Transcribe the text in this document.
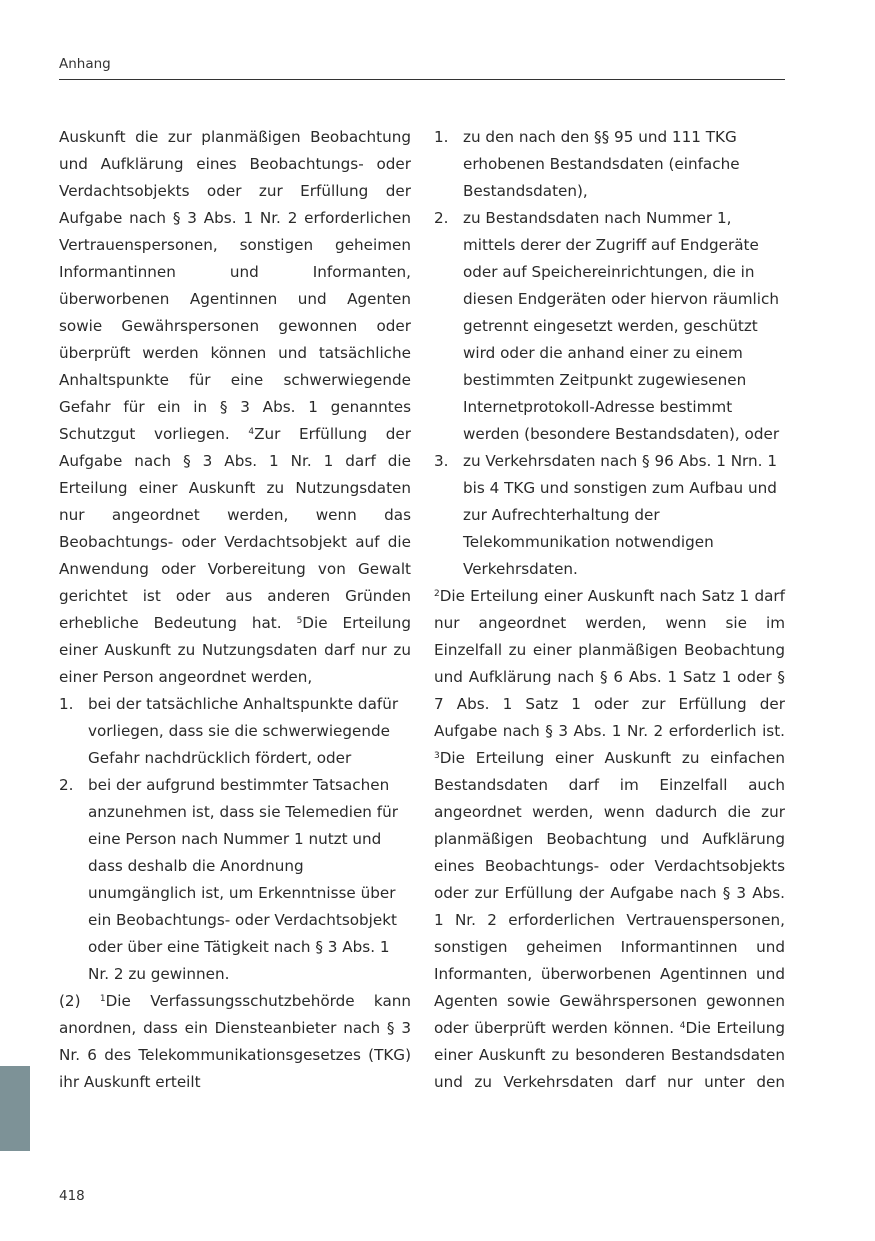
Anhang

Auskunft die zur planmäßigen Beobachtung und Aufklärung eines Beobachtungs- oder Verdachtsobjekts oder zur Erfüllung der Aufgabe nach § 3 Abs. 1 Nr. 2 erforderlichen Vertrauenspersonen, sonstigen geheimen Informantinnen und Informanten, überworbenen Agentinnen und Agenten sowie Gewährspersonen gewonnen oder überprüft werden können und tatsächliche Anhaltspunkte für eine schwerwiegende Gefahr für ein in § 3 Abs. 1 genanntes Schutzgut vorliegen. $^4$Zur Erfüllung der Aufgabe nach § 3 Abs. 1 Nr. 1 darf die Erteilung einer Auskunft zu Nutzungsdaten nur angeordnet werden, wenn das Beobachtungs- oder Verdachtsobjekt auf die Anwendung oder Vorbereitung von Gewalt gerichtet ist oder aus anderen Gründen erhebliche Bedeutung hat. $^5$Die Erteilung einer Auskunft zu Nutzungsdaten darf nur zu einer Person angeordnet werden,

1. bei der tatsächliche Anhaltspunkte dafür vorliegen, dass sie die schwerwiegende Gefahr nachdrücklich fördert, oder
2. bei der aufgrund bestimmter Tatsachen anzunehmen ist, dass sie Telemedien für eine Person nach Nummer 1 nutzt und dass deshalb die Anordnung unumgänglich ist, um Erkenntnisse über ein Beobachtungs- oder Verdachtsobjekt oder über eine Tätigkeit nach § 3 Abs. 1 Nr. 2 zu gewinnen.

(2) $^1$Die Verfassungsschutzbehörde kann anordnen, dass ein Diensteanbieter nach § 3 Nr. 6 des Telekommunikationsgesetzes (TKG) ihr Auskunft erteilt

1. zu den nach den §§ 95 und 111 TKG erhobenen Bestandsdaten (einfache Bestandsdaten),
2. zu Bestandsdaten nach Nummer 1, mittels derer der Zugriff auf Endgeräte oder auf Speichereinrichtungen, die in diesen Endgeräten oder hiervon räumlich getrennt eingesetzt werden, geschützt wird oder die anhand einer zu einem bestimmten Zeitpunkt zugewiesenen Internetprotokoll-Adresse bestimmt werden (besondere Bestandsdaten), oder
3. zu Verkehrsdaten nach § 96 Abs. 1 Nrn. 1 bis 4 TKG und sonstigen zum Aufbau und zur Aufrechterhaltung der Telekommunikation notwendigen Verkehrsdaten.

$^2$Die Erteilung einer Auskunft nach Satz 1 darf nur angeordnet werden, wenn sie im Einzelfall zu einer planmäßigen Beobachtung und Aufklärung nach § 6 Abs. 1 Satz 1 oder § 7 Abs. 1 Satz 1 oder zur Erfüllung der Aufgabe nach § 3 Abs. 1 Nr. 2 erforderlich ist. $^3$Die Erteilung einer Auskunft zu einfachen Bestandsdaten darf im Einzelfall auch angeordnet werden, wenn dadurch die zur planmäßigen Beobachtung und Aufklärung eines Beobachtungs- oder Verdachtsobjekts oder zur Erfüllung der Aufgabe nach § 3 Abs. 1 Nr. 2 erforderlichen Vertrauenspersonen, sonstigen geheimen Informantinnen und Informanten, überworbenen Agentinnen und Agenten sowie Gewährspersonen gewonnen oder überprüft werden können. $^4$Die Erteilung einer Auskunft zu besonderen Bestandsdaten und zu Verkehrsdaten darf nur unter den

418
